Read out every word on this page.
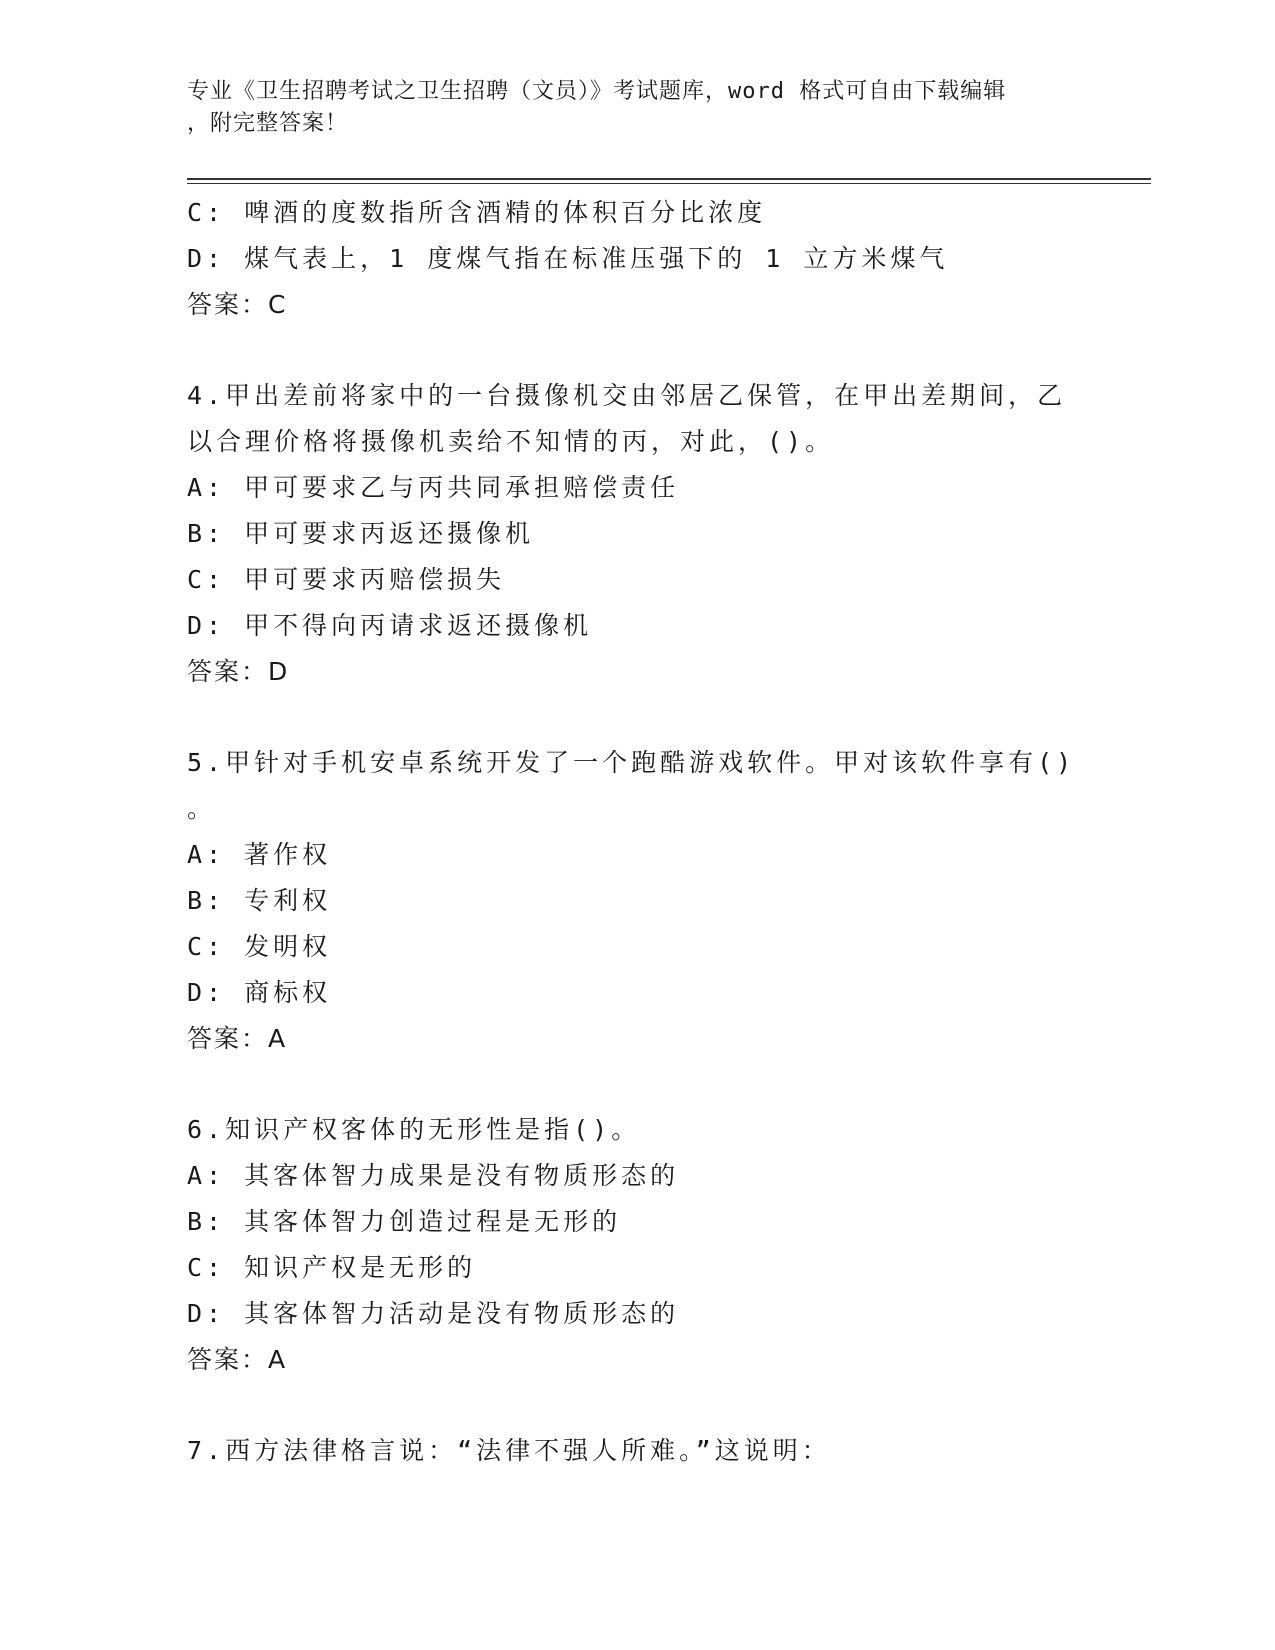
专业《卫生招聘考试之卫生招聘（文员）》考试题库，word 格式可自由下载编辑
，附完整答案！
C: 啤酒的度数指所含酒精的体积百分比浓度
D: 煤气表上，1 度煤气指在标准压强下的 1 立方米煤气
答案：C
4.甲出差前将家中的一台摄像机交由邻居乙保管，在甲出差期间，乙
以合理价格将摄像机卖给不知情的丙，对此，()。
A: 甲可要求乙与丙共同承担赔偿责任
B: 甲可要求丙返还摄像机
C: 甲可要求丙赔偿损失
D: 甲不得向丙请求返还摄像机
答案：D
5.甲针对手机安卓系统开发了一个跑酷游戏软件。甲对该软件享有()
。
A: 著作权
B: 专利权
C: 发明权
D: 商标权
答案：A
6.知识产权客体的无形性是指()。
A: 其客体智力成果是没有物质形态的
B: 其客体智力创造过程是无形的
C: 知识产权是无形的
D: 其客体智力活动是没有物质形态的
答案：A
7.西方法律格言说：“法律不强人所难。”这说明：
